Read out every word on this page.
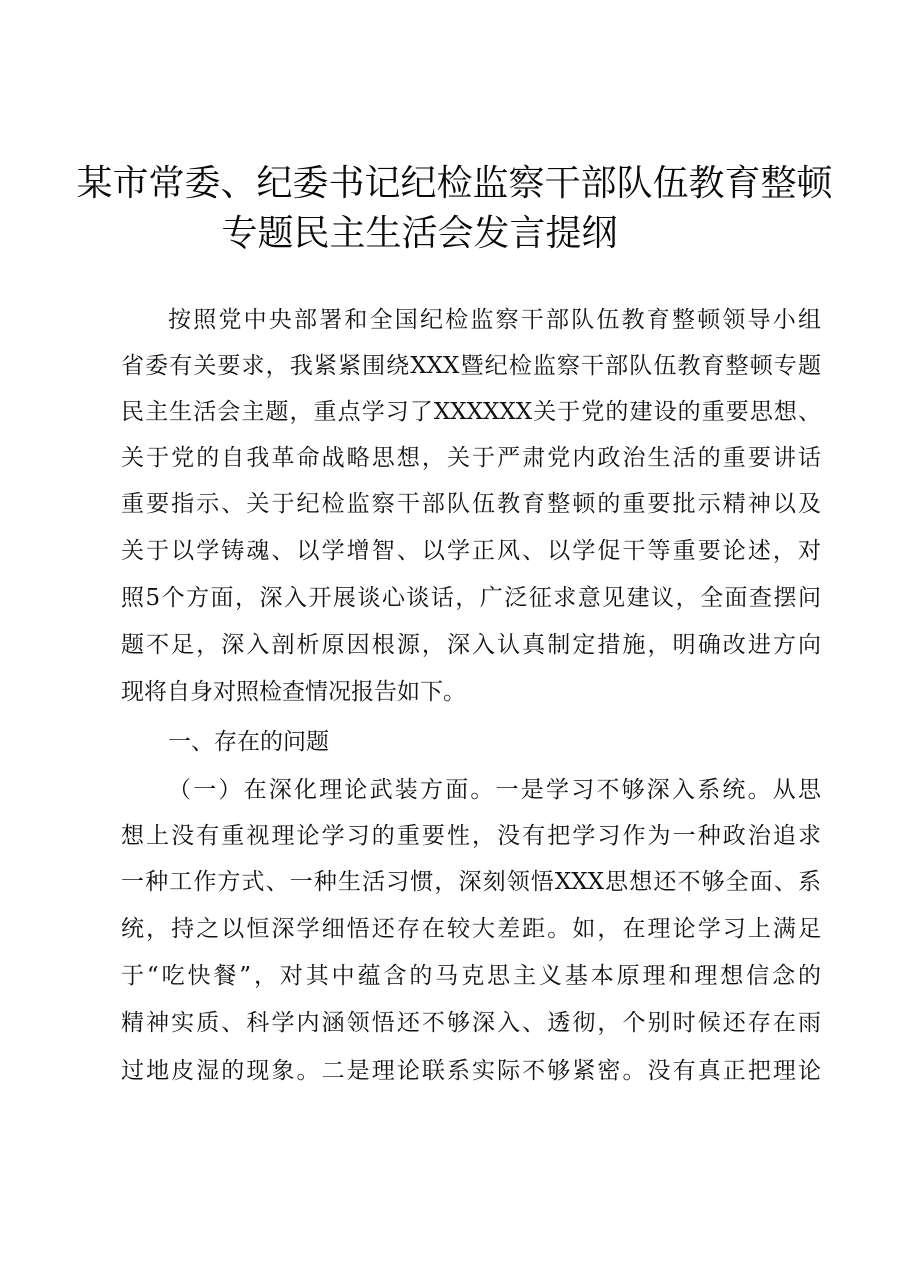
某市常委、纪委书记纪检监察干部队伍教育整顿
专题民主生活会发言提纲
按照党中央部署和全国纪检监察干部队伍教育整顿领导小组
省委有关要求，我紧紧围绕XXX暨纪检监察干部队伍教育整顿专题
民主生活会主题，重点学习了XXXXXX关于党的建设的重要思想、
关于党的自我革命战略思想，关于严肃党内政治生活的重要讲话
重要指示、关于纪检监察干部队伍教育整顿的重要批示精神以及
关于以学铸魂、以学增智、以学正风、以学促干等重要论述，对
照5个方面，深入开展谈心谈话，广泛征求意见建议，全面查摆问
题不足，深入剖析原因根源，深入认真制定措施，明确改进方向
现将自身对照检查情况报告如下。
一、存在的问题
（一）在深化理论武装方面。一是学习不够深入系统。从思
想上没有重视理论学习的重要性，没有把学习作为一种政治追求
一种工作方式、一种生活习惯，深刻领悟XXX思想还不够全面、系
统，持之以恒深学细悟还存在较大差距。如，在理论学习上满足
于“吃快餐”，对其中蕴含的马克思主义基本原理和理想信念的
精神实质、科学内涵领悟还不够深入、透彻，个别时候还存在雨
过地皮湿的现象。二是理论联系实际不够紧密。没有真正把理论
